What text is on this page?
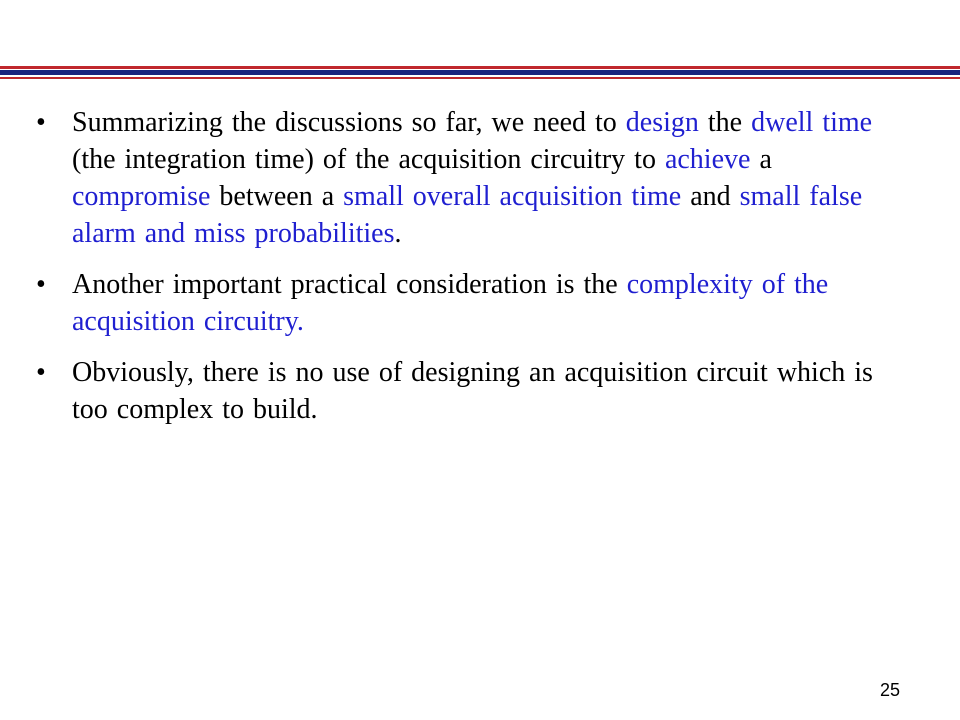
• Summarizing the discussions so far, we need to design the dwell time (the integration time) of the acquisition circuitry to achieve a compromise between a small overall acquisition time and small false alarm and miss probabilities.
• Another important practical consideration is the complexity of the acquisition circuitry.
• Obviously, there is no use of designing an acquisition circuit which is too complex to build.
25
